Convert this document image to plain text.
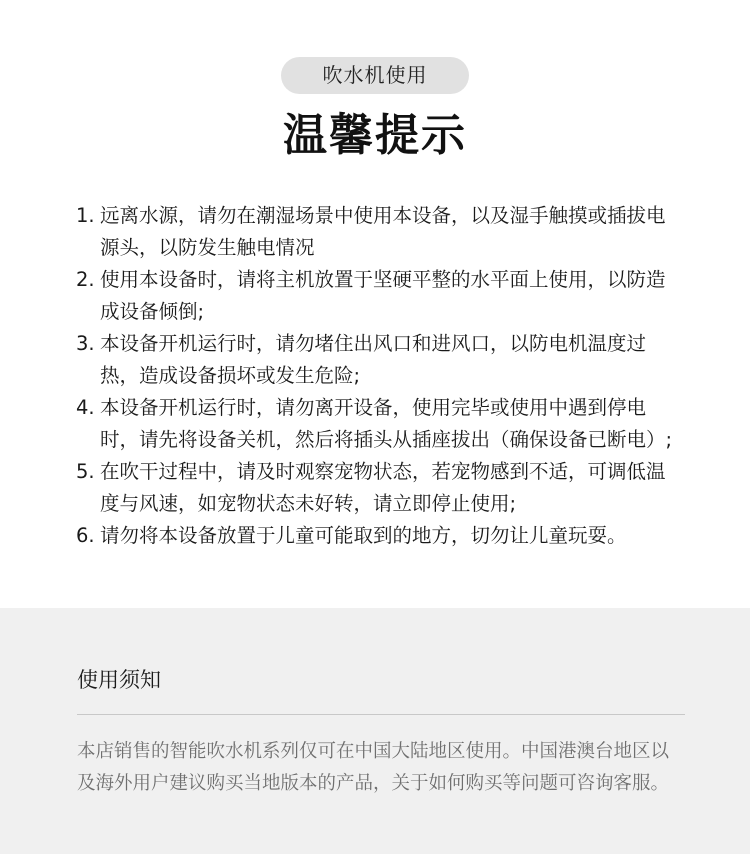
吹水机使用
温馨提示
1. 远离水源，请勿在潮湿场景中使用本设备，以及湿手触摸或插拔电源头，以防发生触电情况
2. 使用本设备时，请将主机放置于坚硬平整的水平面上使用，以防造成设备倾倒;
3. 本设备开机运行时，请勿堵住出风口和进风口，以防电机温度过热，造成设备损坏或发生危险;
4. 本设备开机运行时，请勿离开设备，使用完毕或使用中遇到停电时，请先将设备关机，然后将插头从插座拔出（确保设备已断电）;
5. 在吹干过程中，请及时观察宠物状态，若宠物感到不适，可调低温度与风速，如宠物状态未好转，请立即停止使用;
6. 请勿将本设备放置于儿童可能取到的地方，切勿让儿童玩耍。
使用须知
本店销售的智能吹水机系列仅可在中国大陆地区使用。中国港澳台地区以及海外用户建议购买当地版本的产品，关于如何购买等问题可咨询客服。
